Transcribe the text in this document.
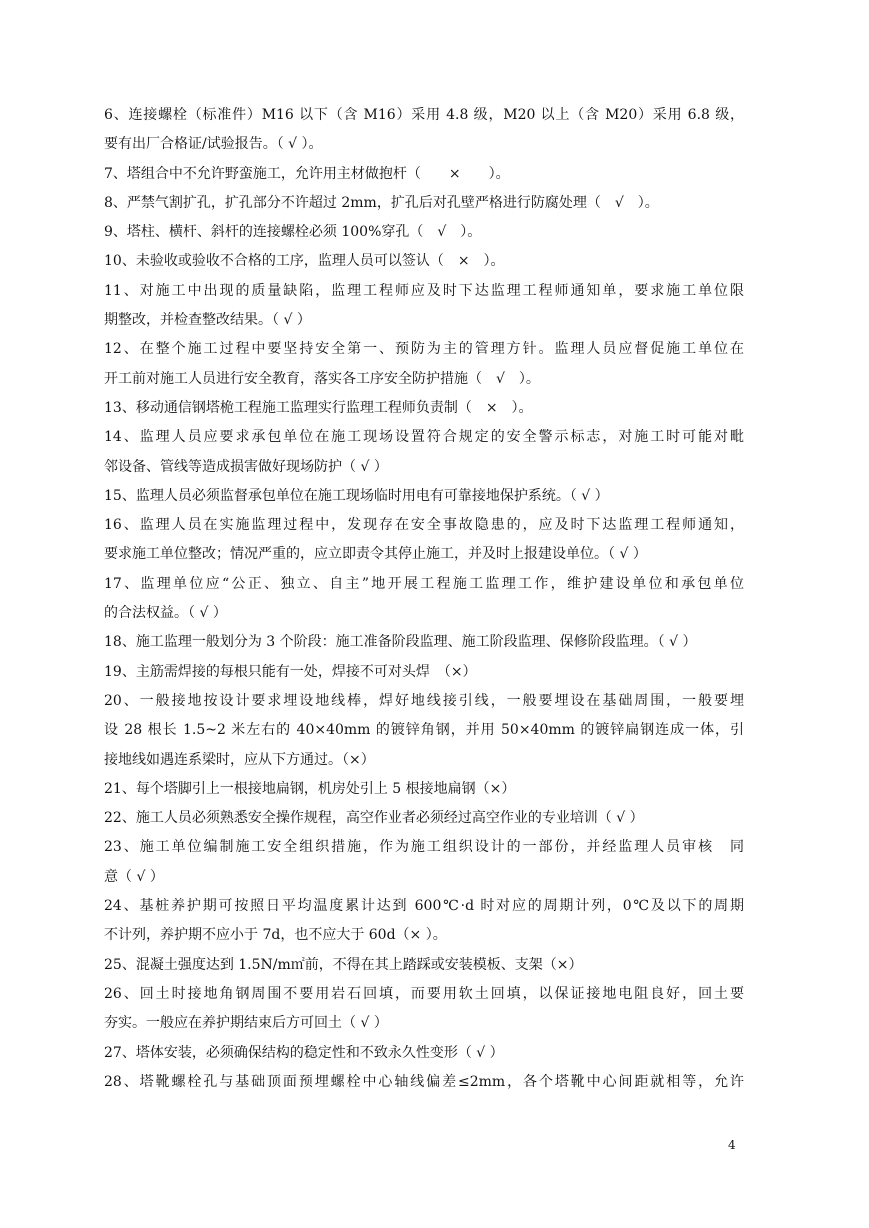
6、连接螺栓（标准件）M16 以下（含 M16）采用 4.8 级，M20 以上（含 M20）采用 6.8 级，
要有出厂合格证/试验报告。（ √ ）。
7、塔组合中不允许野蛮施工，允许用主材做抱杆（　　×　　）。
8、严禁气割扩孔，扩孔部分不许超过 2mm，扩孔后对孔壁严格进行防腐处理（　√　）。
9、塔柱、横杆、斜杆的连接螺栓必须 100%穿孔（　√　）。
10、未验收或验收不合格的工序，监理人员可以签认（　×　）。
11、对施工中出现的质量缺陷，监理工程师应及时下达监理工程师通知单，要求施工单位限
期整改，并检查整改结果。（ √ ）
12、在整个施工过程中要坚持安全第一、预防为主的管理方针。监理人员应督促施工单位在
开工前对施工人员进行安全教育，落实各工序安全防护措施（　√　）。
13、移动通信钢塔桅工程施工监理实行监理工程师负责制（　×　）。
14、监理人员应要求承包单位在施工现场设置符合规定的安全警示标志，对施工时可能对毗
邻设备、管线等造成损害做好现场防护（ √ ）
15、监理人员必须监督承包单位在施工现场临时用电有可靠接地保护系统。（ √ ）
16、监理人员在实施监理过程中，发现存在安全事故隐患的，应及时下达监理工程师通知，
要求施工单位整改；情况严重的，应立即责令其停止施工，并及时上报建设单位。（ √ ）
17、监理单位应“公正、独立、自主”地开展工程施工监理工作，维护建设单位和承包单位
的合法权益。（ √ ）
18、施工监理一般划分为 3 个阶段：施工准备阶段监理、施工阶段监理、保修阶段监理。（ √ ）
19、主筋需焊接的每根只能有一处，焊接不可对头焊　（×）
20、一般接地按设计要求埋设地线棒，焊好地线接引线，一般要埋设在基础周围，一般要埋
设 28 根长 1.5~2 米左右的 40×40mm 的镀锌角钢，并用 50×40mm 的镀锌扁钢连成一体，引
接地线如遇连系梁时，应从下方通过。（×）
21、每个塔脚引上一根接地扁钢，机房处引上 5 根接地扁钢（×）
22、施工人员必须熟悉安全操作规程，高空作业者必须经过高空作业的专业培训（ √ ）
23、施工单位编制施工安全组织措施，作为施工组织设计的一部份，并经监理人员审核　同
意（ √ ）
24、基桩养护期可按照日平均温度累计达到 600℃·d 时对应的周期计列，0℃及以下的周期
不计列，养护期不应小于 7d，也不应大于 60d（× ）。
25、混凝土强度达到 1.5N/m㎡前，不得在其上踏踩或安装模板、支架（×）
26、回土时接地角钢周围不要用岩石回填，而要用软土回填，以保证接地电阻良好，回土要
夯实。一般应在养护期结束后方可回土（ √ ）
27、塔体安装，必须确保结构的稳定性和不致永久性变形（ √ ）
28、塔靴螺栓孔与基础顶面预埋螺栓中心轴线偏差≤2mm，各个塔靴中心间距就相等，允许
4
